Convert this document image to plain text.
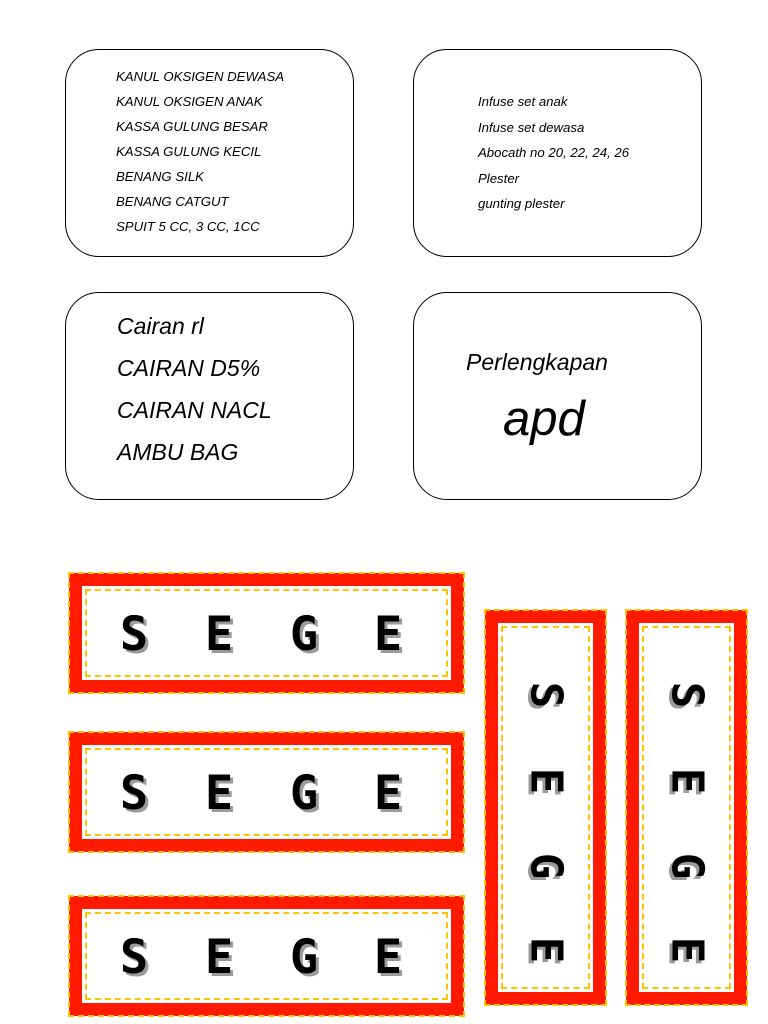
KANUL OKSIGEN DEWASA
KANUL OKSIGEN ANAK
KASSA GULUNG BESAR
KASSA GULUNG KECIL
BENANG SILK
BENANG CATGUT
SPUIT 5 CC, 3 CC, 1CC
Infuse set anak
Infuse set dewasa
Abocath no 20, 22, 24, 26
Plester
gunting plester
Cairan rl
CAIRAN D5%
CAIRAN NACL
AMBU BAG
Perlengkapan
apd
S	E	G	E
S	E	G	E
S	E	G	E
S
E
G
E
S
E
G
E
